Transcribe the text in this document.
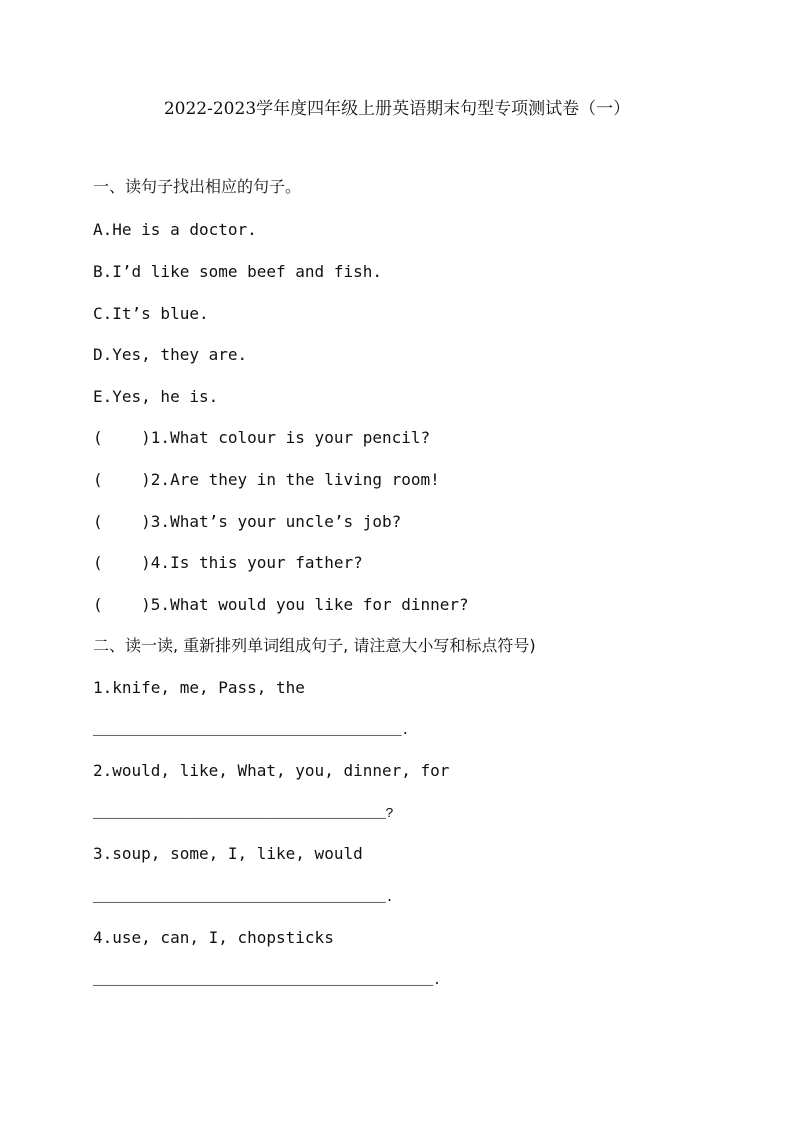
2022-2023学年度四年级上册英语期末句型专项测试卷（一）
一、读句子找出相应的句子。
A.He is a doctor.
B.I’d like some beef and fish.
C.It’s blue.
D.Yes, they are.
E.Yes, he is.
(    )1.What colour is your pencil?
(    )2.Are they in the living room!
(    )3.What’s your uncle’s job?
(    )4.Is this your father?
(    )5.What would you like for dinner?
二、读一读, 重新排列单词组成句子, 请注意大小写和标点符号)
1.knife, me, Pass, the
_______________________________________.
2.would, like, What, you, dinner, for
_____________________________________?
3.soup, some, I, like, would
_____________________________________.
4.use, can, I, chopsticks
___________________________________________.
